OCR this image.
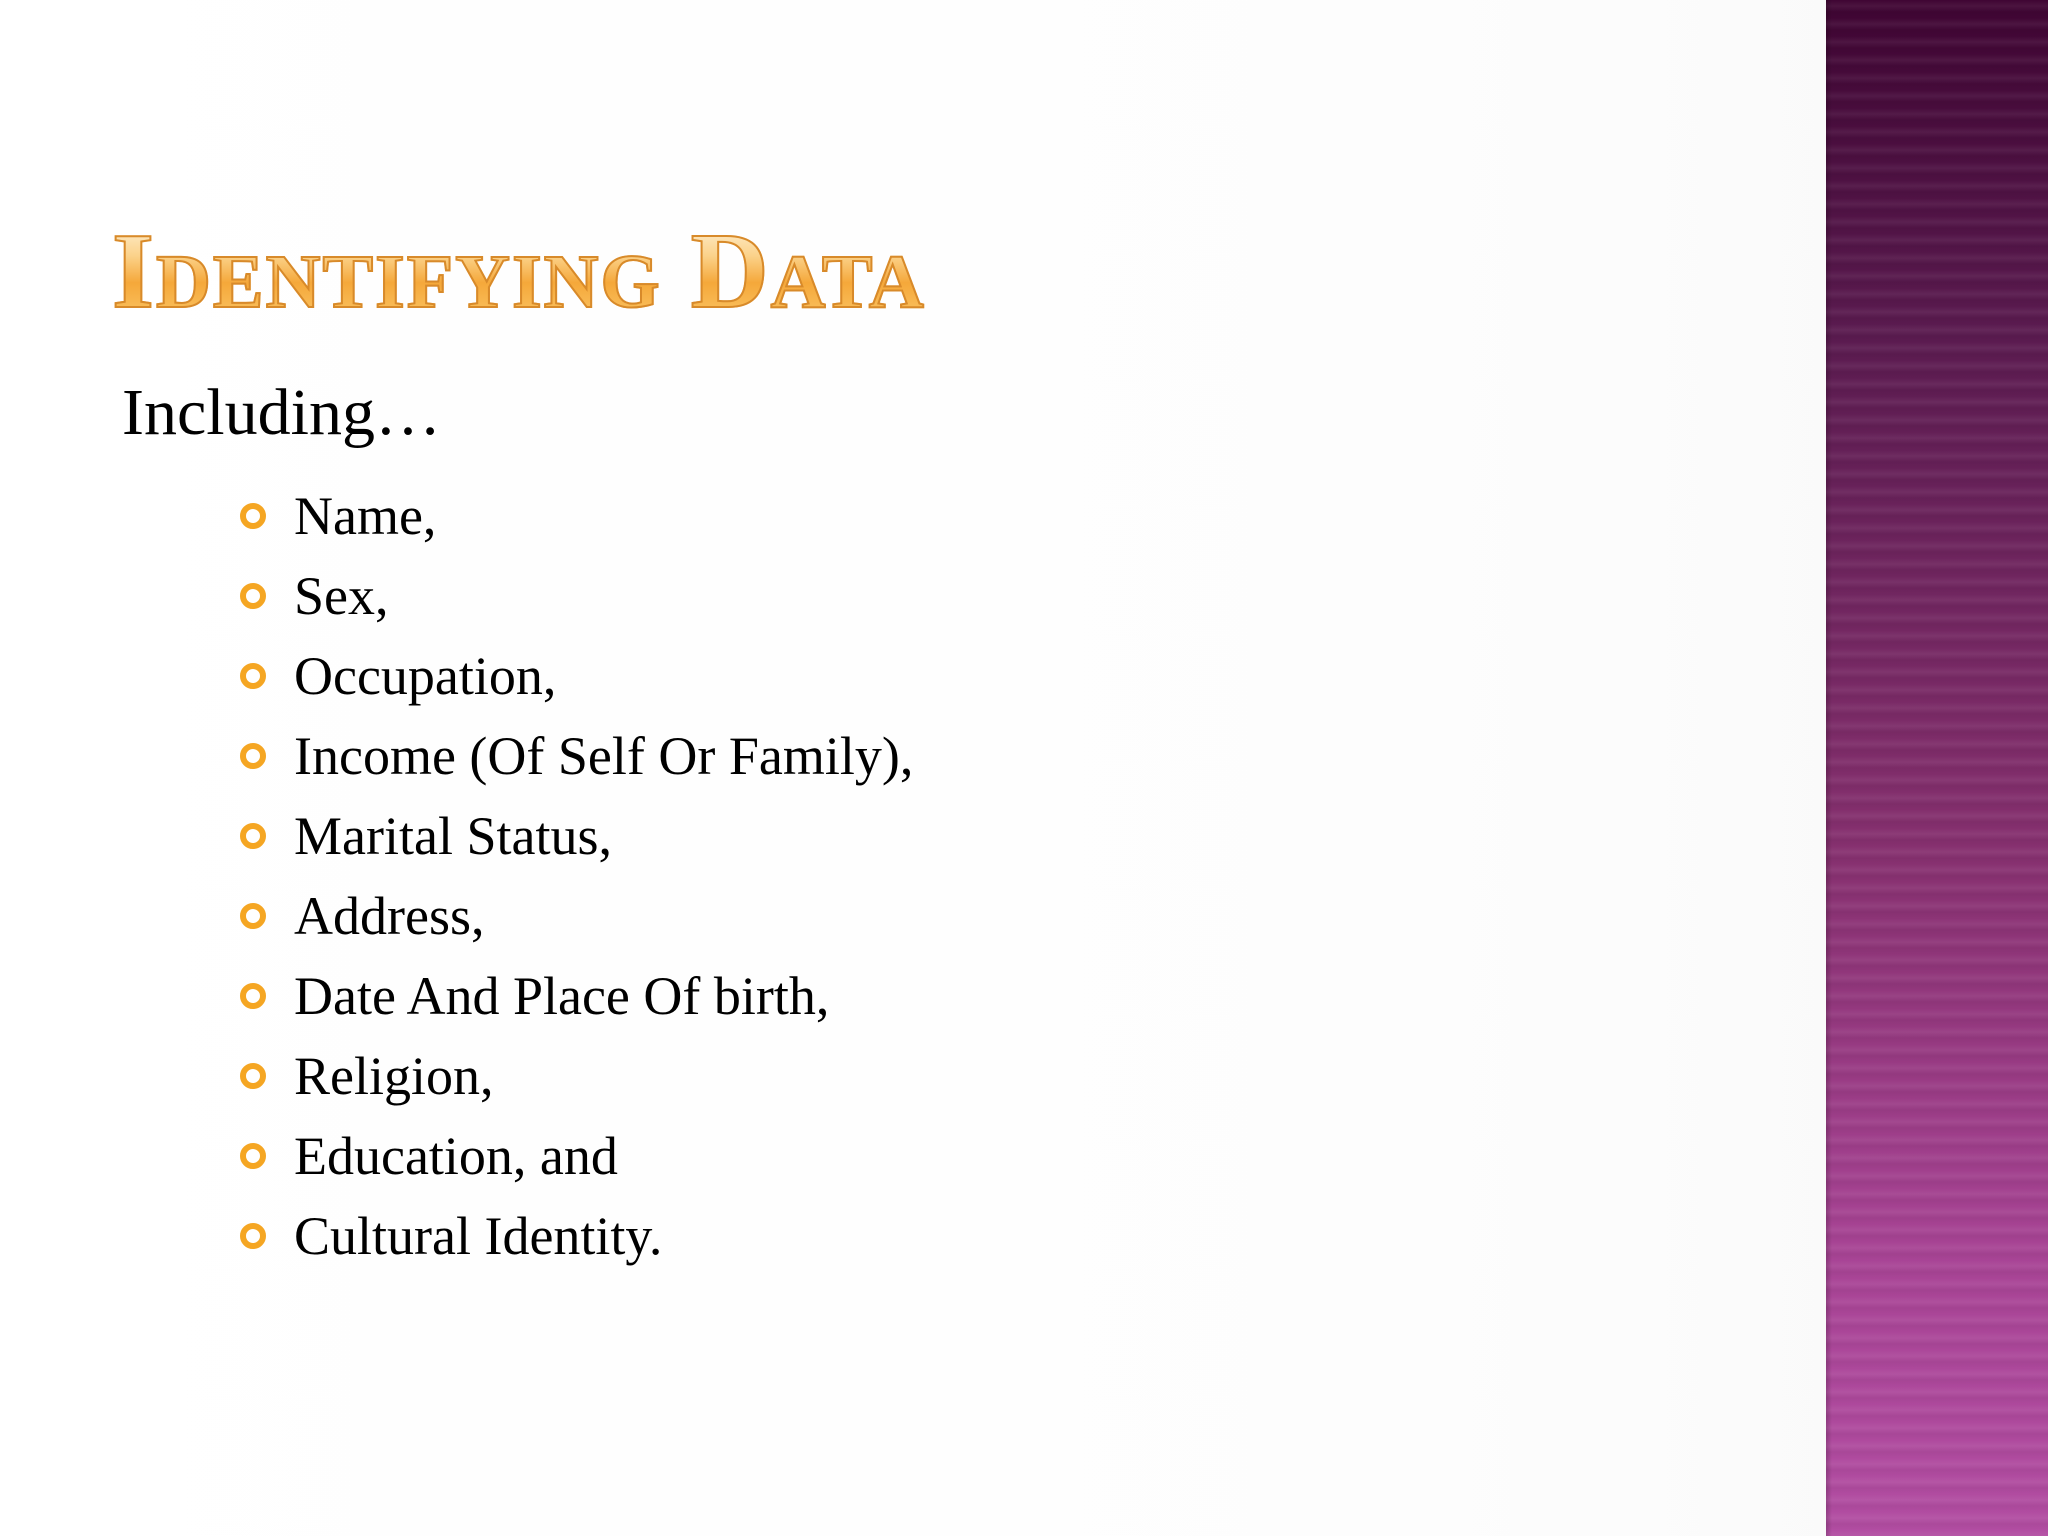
Identifying Data
Including…
Name,
Sex,
Occupation,
Income (Of Self Or Family),
Marital Status,
Address,
Date And Place Of birth,
Religion,
Education, and
Cultural Identity.
